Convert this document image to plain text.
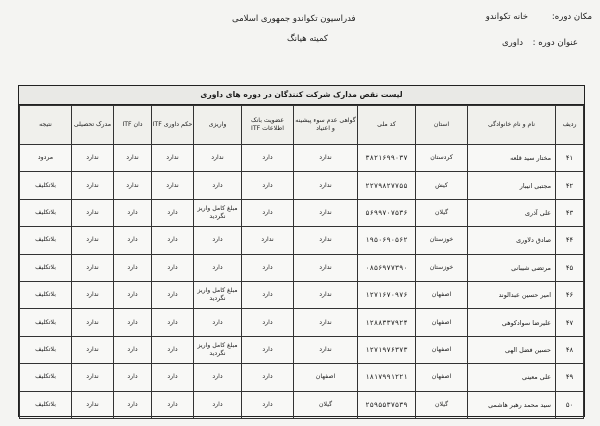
مکان دوره:
خانه تکواندو
فدراسیون تکواندو جمهوری اسلامی
کمیته هیانگ	عنوان دوره :
داوری
لیست نقص مدارک شرکت کنندگان در دوره های داوری
ردیف	نام و نام خانوادگی	استان	کد ملی	گواهی عدم سوء پیشینه و اعتیاد	عضویت بانک اطلاعات ITF	واریزی	حکم داوری ITF	دان ITF	مدرک تحصیلی	نتیجه
۴۱	مختار سید قلعه	کردستان	۳۸۲۱۶۹۹۰۳۷	ندارد	دارد	ندارد	ندارد	ندارد	ندارد	مردود
۴۲	مجتبی انیبار	کیش	۲۲۷۹۸۲۷۷۵۵	ندارد	دارد	دارد	ندارد	ندارد	ندارد	بلاتکلیف
۴۳	علی آذری	گیلان	۵۶۹۹۷۰۷۵۳۶	ندارد	دارد	مبلغ کامل واریز نگردید	دارد	دارد	ندارد	بلاتکلیف
۴۴	صادق دلاوری	خوزستان	۱۹۵۰۶۹۰۵۶۲	ندارد	ندارد	دارد	دارد	دارد	ندارد	بلاتکلیف
۴۵	مرتضی شیبانی	خوزستان	۰۸۵۶۹۷۷۳۹۰	ندارد	دارد	دارد	دارد	دارد	ندارد	بلاتکلیف
۴۶	امیر حسین عبدالوند	اصفهان	۱۲۷۱۶۷۰۹۷۶	ندارد	دارد	مبلغ کامل واریز نگردید	دارد	دارد	ندارد	بلاتکلیف
۴۷	علیرضا سوادکوهی	اصفهان	۱۲۸۸۳۳۷۹۲۴	ندارد	دارد	دارد	دارد	دارد	ندارد	بلاتکلیف
۴۸	حسین فضل الهی	اصفهان	۱۲۷۱۹۷۶۳۷۳	ندارد	دارد	مبلغ کامل واریز نگردید	دارد	دارد	ندارد	بلاتکلیف
۴۹	علی معینی	اصفهان	۱۸۱۷۹۹۱۲۲۱	اصفهان	دارد	دارد	دارد	دارد	ندارد	بلاتکلیف
۵۰	سید محمد رهبر هاشمی	گیلان	۲۵۹۵۵۳۷۵۳۹	گیلان	دارد	دارد	دارد	دارد	ندارد	بلاتکلیف
